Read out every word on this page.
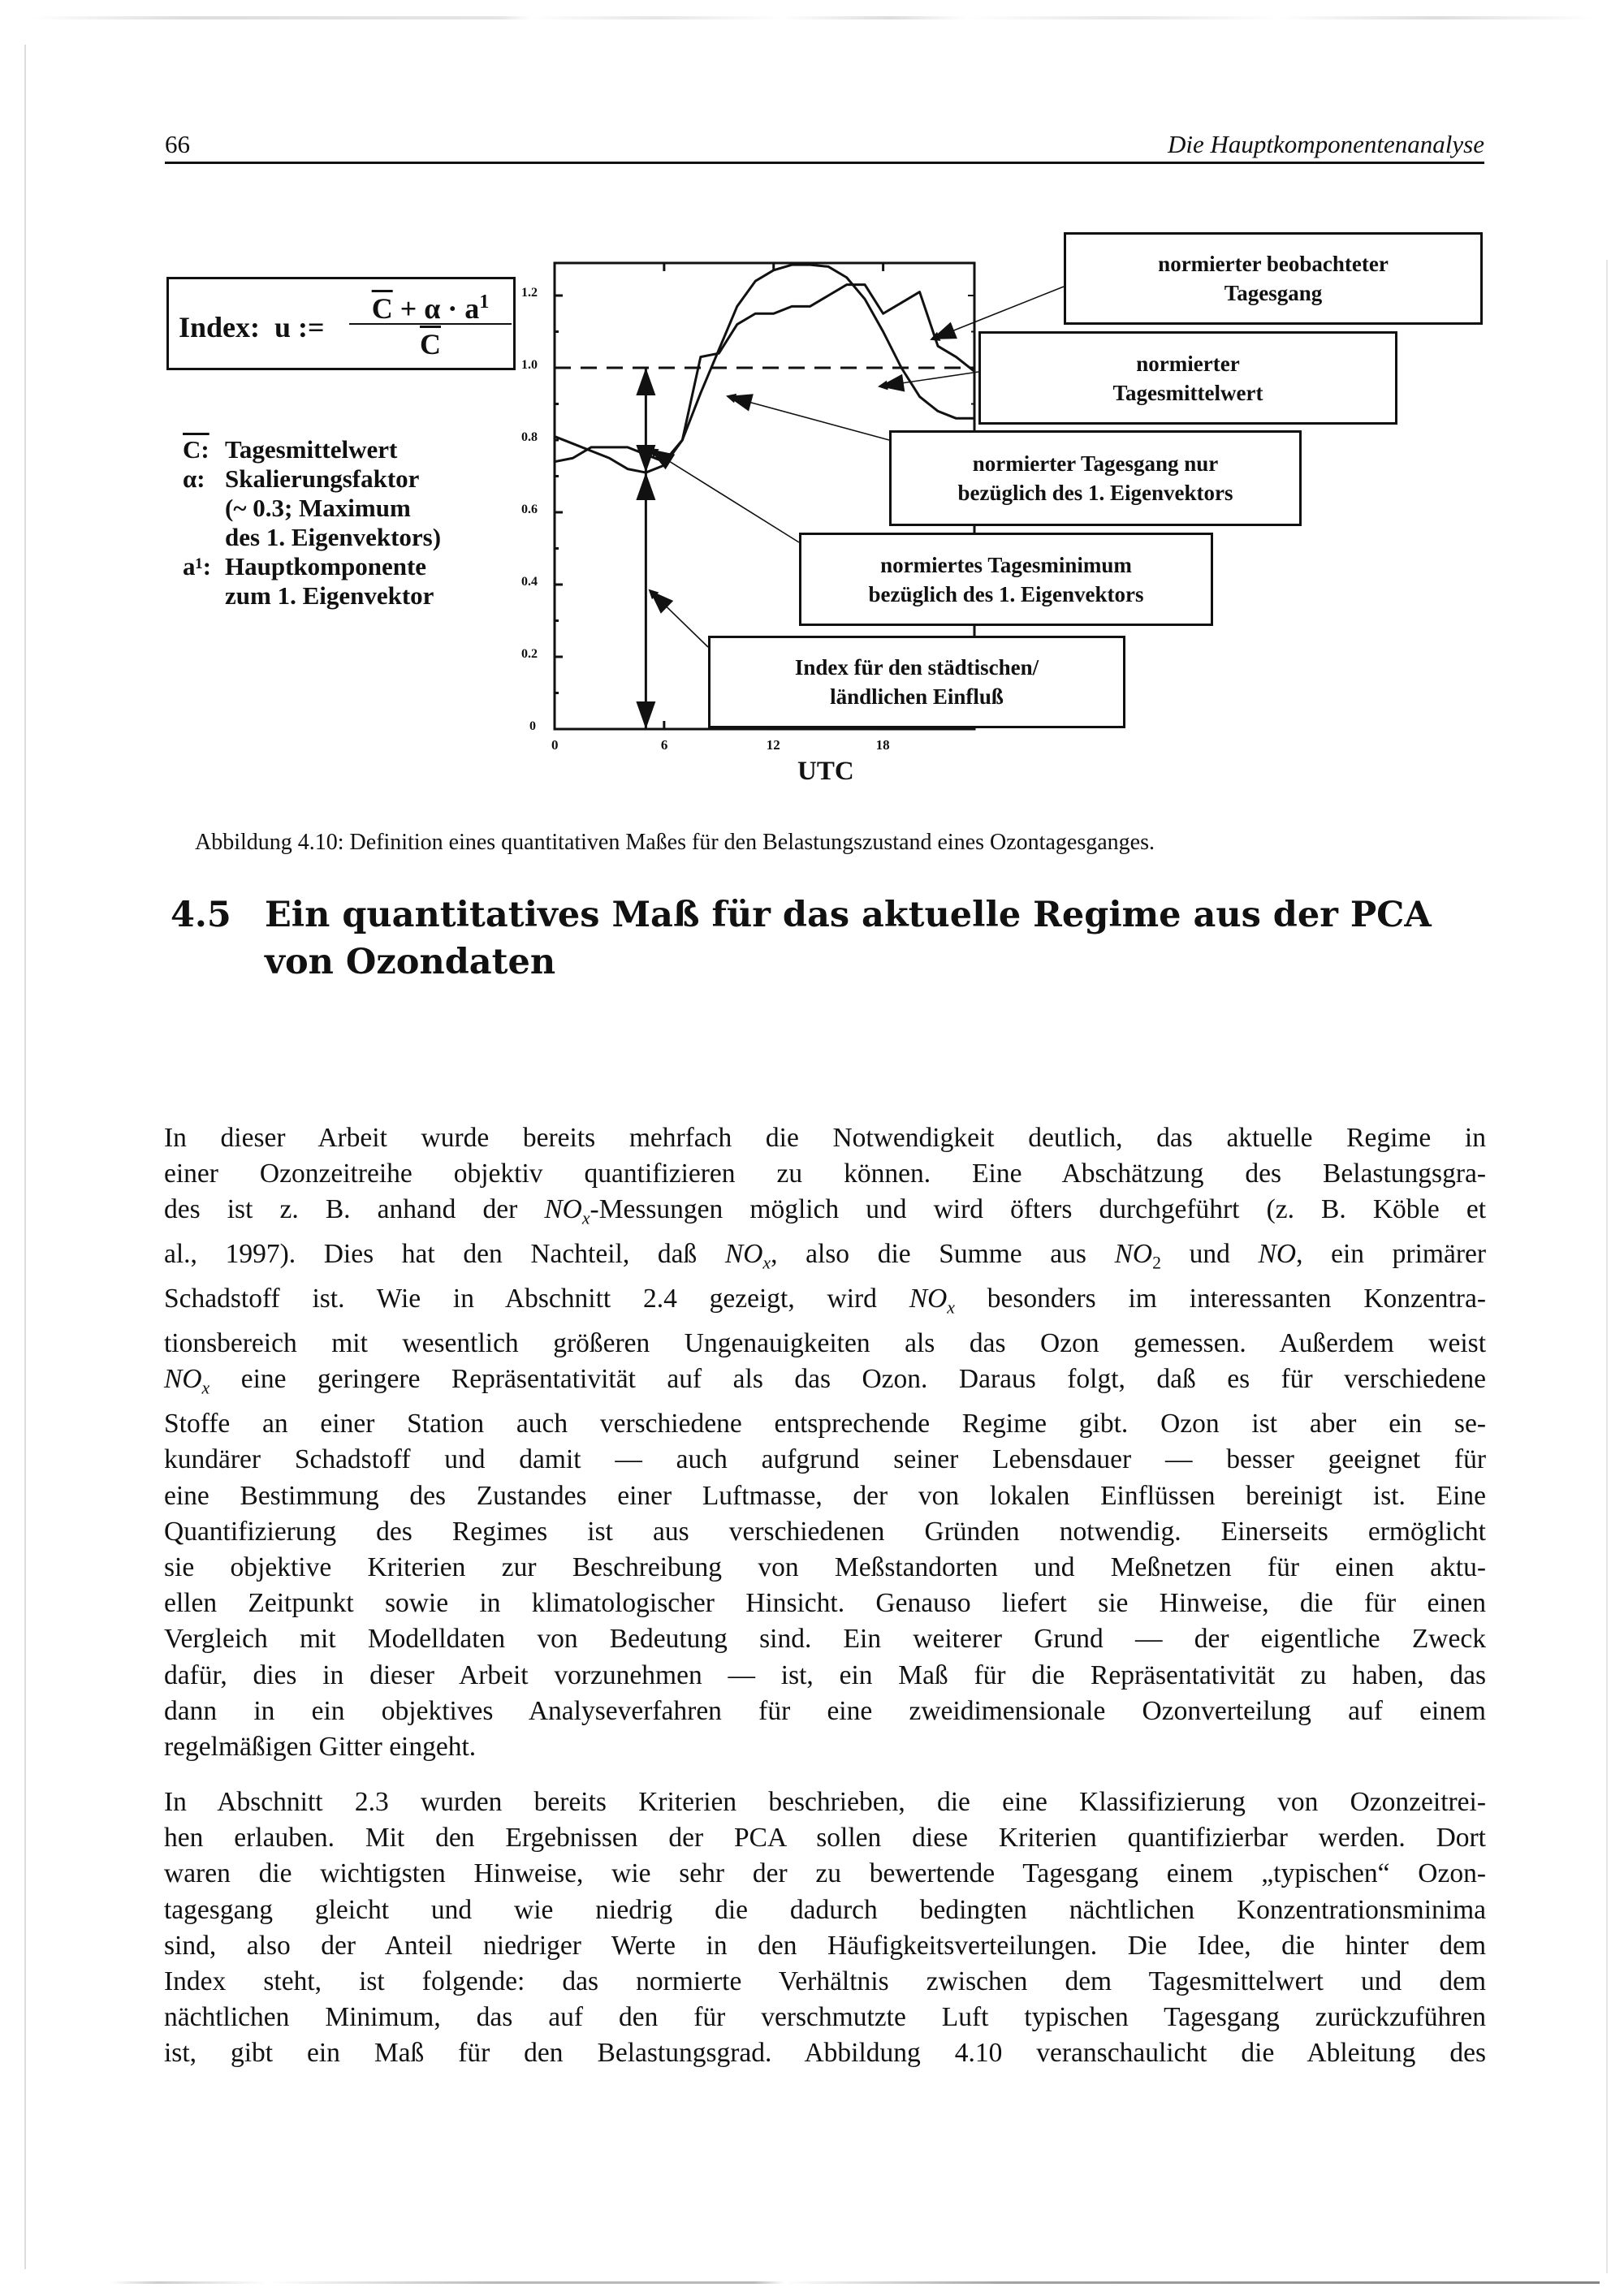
66	Die Hauptkomponentenanalyse
Index: u := $\frac{\overline{C} + \alpha \cdot a^1}{C}$
C: Tagesmittelwert
α: Skalierungsfaktor
(~ 0.3; Maximum
des 1. Eigenvektors)
a¹: Hauptkomponente
zum 1. Eigenvektor
0
0.2
0.4
0.6
0.8
1.0
1.2
0	6	12	18
UTC
normierter beobachteter
Tagesgang
normierter
Tagesmittelwert
normierter Tagesgang nur
bezüglich des 1. Eigenvektors
normiertes Tagesminimum
bezüglich des 1. Eigenvektors
Index für den städtischen/
ländlichen Einfluß
Abbildung 4.10: Definition eines quantitativen Maßes für den Belastungszustand eines Ozontagesganges.
4.5 Ein quantitatives Maß für das aktuelle Regime aus der PCA von Ozondaten
In dieser Arbeit wurde bereits mehrfach die Notwendigkeit deutlich, das aktuelle Regime in
einer Ozonzeitreihe objektiv quantifizieren zu können. Eine Abschätzung des Belastungsgra-
des ist z. B. anhand der $NO_x$-Messungen möglich und wird öfters durchgeführt (z. B. Köble et
al., 1997). Dies hat den Nachteil, daß $NO_x$, also die Summe aus $NO_2$ und NO, ein primärer
Schadstoff ist. Wie in Abschnitt 2.4 gezeigt, wird $NO_x$ besonders im interessanten Konzentra-
tionsbereich mit wesentlich größeren Ungenauigkeiten als das Ozon gemessen. Außerdem weist
$NO_x$ eine geringere Repräsentativität auf als das Ozon. Daraus folgt, daß es für verschiedene
Stoffe an einer Station auch verschiedene entsprechende Regime gibt. Ozon ist aber ein se-
kundärer Schadstoff und damit — auch aufgrund seiner Lebensdauer — besser geeignet für
eine Bestimmung des Zustandes einer Luftmasse, der von lokalen Einflüssen bereinigt ist. Eine
Quantifizierung des Regimes ist aus verschiedenen Gründen notwendig. Einerseits ermöglicht
sie objektive Kriterien zur Beschreibung von Meßstandorten und Meßnetzen für einen aktu-
ellen Zeitpunkt sowie in klimatologischer Hinsicht. Genauso liefert sie Hinweise, die für einen
Vergleich mit Modelldaten von Bedeutung sind. Ein weiterer Grund — der eigentliche Zweck
dafür, dies in dieser Arbeit vorzunehmen — ist, ein Maß für die Repräsentativität zu haben, das
dann in ein objektives Analyseverfahren für eine zweidimensionale Ozonverteilung auf einem
regelmäßigen Gitter eingeht.
In Abschnitt 2.3 wurden bereits Kriterien beschrieben, die eine Klassifizierung von Ozonzeitrei-
hen erlauben. Mit den Ergebnissen der PCA sollen diese Kriterien quantifizierbar werden. Dort
waren die wichtigsten Hinweise, wie sehr der zu bewertende Tagesgang einem „typischen“ Ozon-
tagesgang gleicht und wie niedrig die dadurch bedingten nächtlichen Konzentrationsminima
sind, also der Anteil niedriger Werte in den Häufigkeitsverteilungen. Die Idee, die hinter dem
Index steht, ist folgende: das normierte Verhältnis zwischen dem Tagesmittelwert und dem
nächtlichen Minimum, das auf den für verschmutzte Luft typischen Tagesgang zurückzuführen
ist, gibt ein Maß für den Belastungsgrad. Abbildung 4.10 veranschaulicht die Ableitung des
